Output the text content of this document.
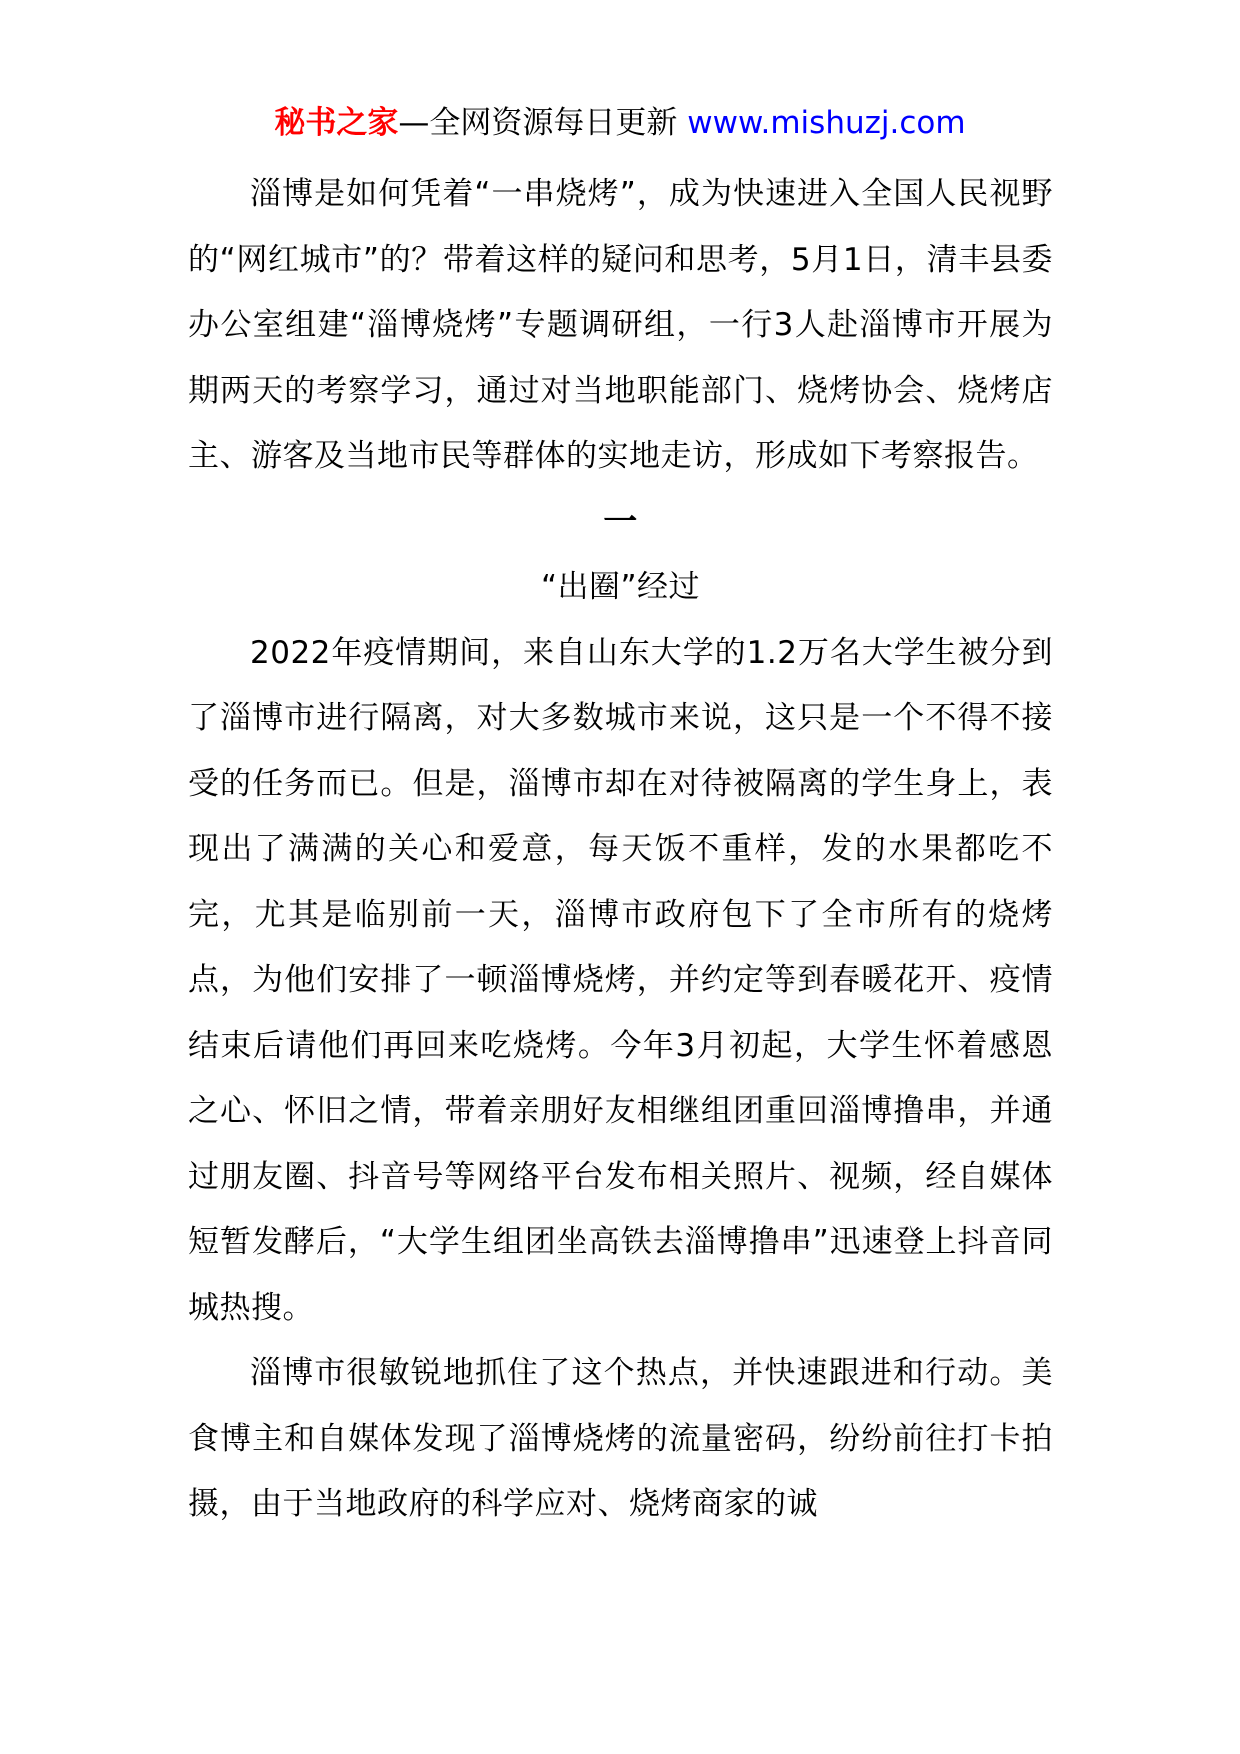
秘书之家—全网资源每日更新 www.mishuzj.com

淄博是如何凭着“一串烧烤”，成为快速进入全国人民视野的“网红城市”的？带着这样的疑问和思考，5月1日，清丰县委办公室组建“淄博烧烤”专题调研组，一行3人赴淄博市开展为期两天的考察学习，通过对当地职能部门、烧烤协会、烧烤店主、游客及当地市民等群体的实地走访，形成如下考察报告。

一

“出圈”经过

2022年疫情期间，来自山东大学的1.2万名大学生被分到了淄博市进行隔离，对大多数城市来说，这只是一个不得不接受的任务而已。但是，淄博市却在对待被隔离的学生身上，表现出了满满的关心和爱意，每天饭不重样，发的水果都吃不完，尤其是临别前一天，淄博市政府包下了全市所有的烧烤点，为他们安排了一顿淄博烧烤，并约定等到春暖花开、疫情结束后请他们再回来吃烧烤。今年3月初起，大学生怀着感恩之心、怀旧之情，带着亲朋好友相继组团重回淄博撸串，并通过朋友圈、抖音号等网络平台发布相关照片、视频，经自媒体短暂发酵后，“大学生组团坐高铁去淄博撸串”迅速登上抖音同城热搜。

淄博市很敏锐地抓住了这个热点，并快速跟进和行动。美食博主和自媒体发现了淄博烧烤的流量密码，纷纷前往打卡拍摄，由于当地政府的科学应对、烧烤商家的诚
